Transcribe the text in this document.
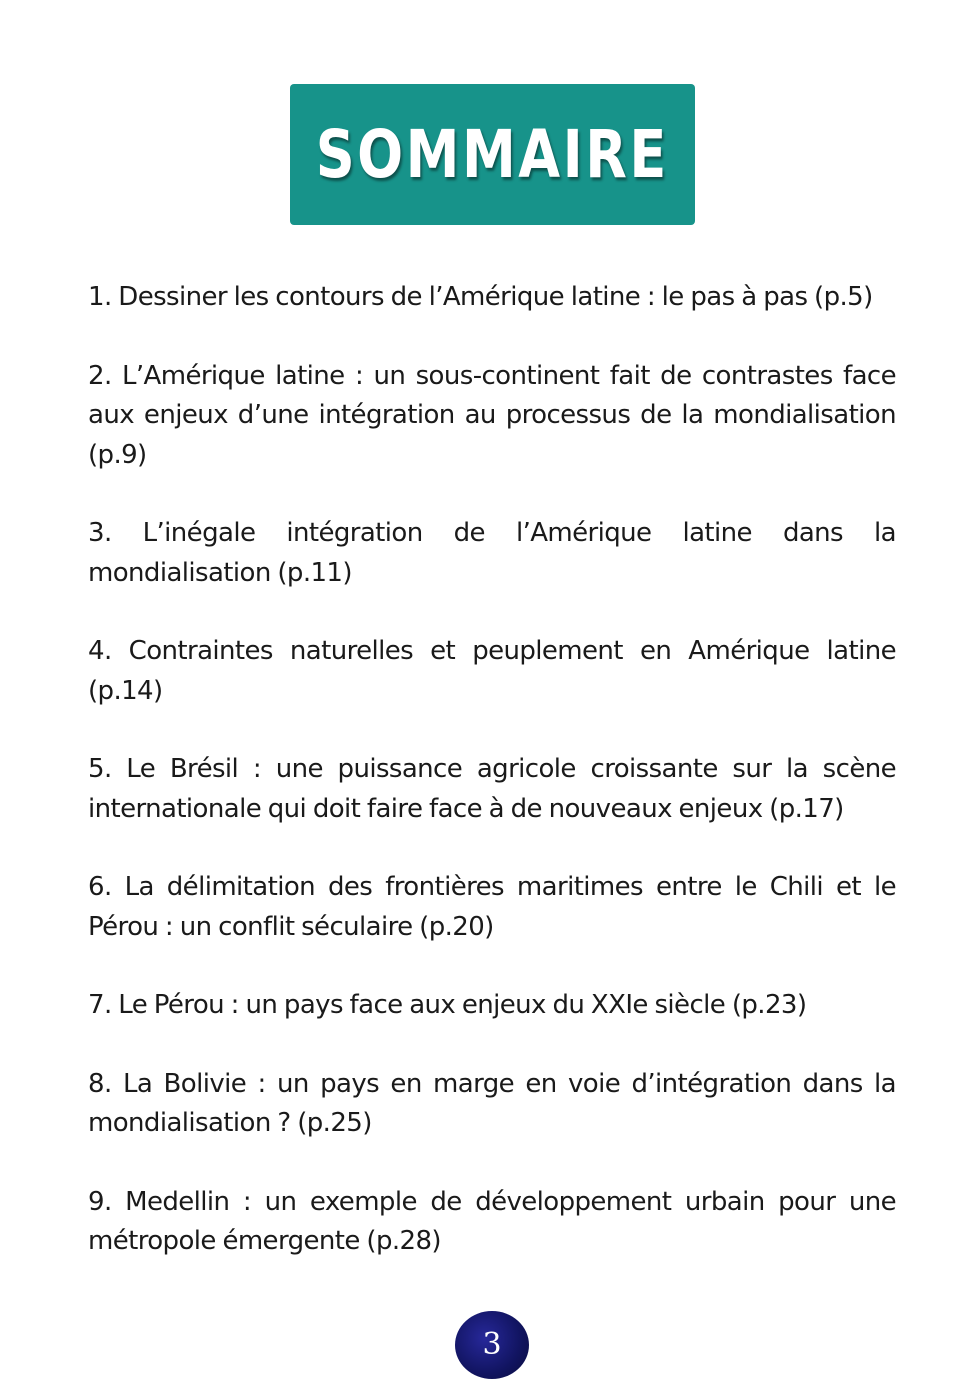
SOMMAIRE
1. Dessiner les contours de l’Amérique latine : le pas à pas (p.5)
2. L’Amérique latine : un sous-continent fait de contrastes face aux enjeux d’une intégration au processus de la mondialisation (p.9)
3. L’inégale intégration de l’Amérique latine dans la mondialisation (p.11)
4. Contraintes naturelles et peuplement en Amérique latine (p.14)
5. Le Brésil : une puissance agricole croissante sur la scène internationale qui doit faire face à de nouveaux enjeux (p.17)
6. La délimitation des frontières maritimes entre le Chili et le Pérou : un conflit séculaire (p.20)
7. Le Pérou : un pays face aux enjeux du XXIe siècle (p.23)
8. La Bolivie : un pays en marge en voie d’intégration dans la mondialisation ? (p.25)
9. Medellin : un exemple de développement urbain pour une métropole émergente (p.28)
3
